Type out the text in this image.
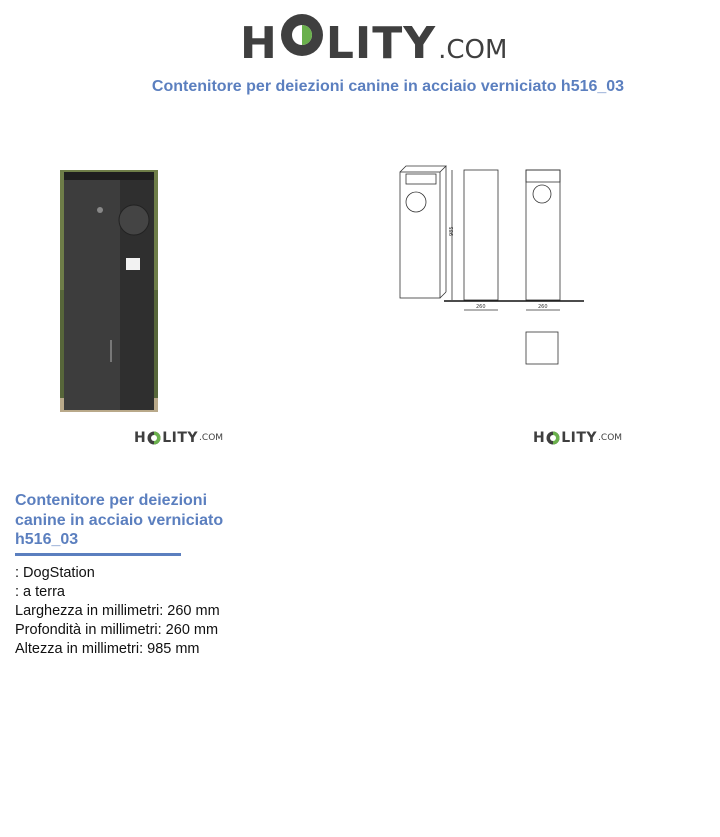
H LITY .COM
Contenitore per deiezioni canine in acciaio verniciato h516_03
985
260	260
H LITY .COM	H LITY .COM
Contenitore per deiezioni canine in acciaio verniciato h516_03
: DogStation
: a terra
Larghezza in millimetri: 260 mm
Profondità in millimetri: 260 mm
Altezza in millimetri: 985 mm
